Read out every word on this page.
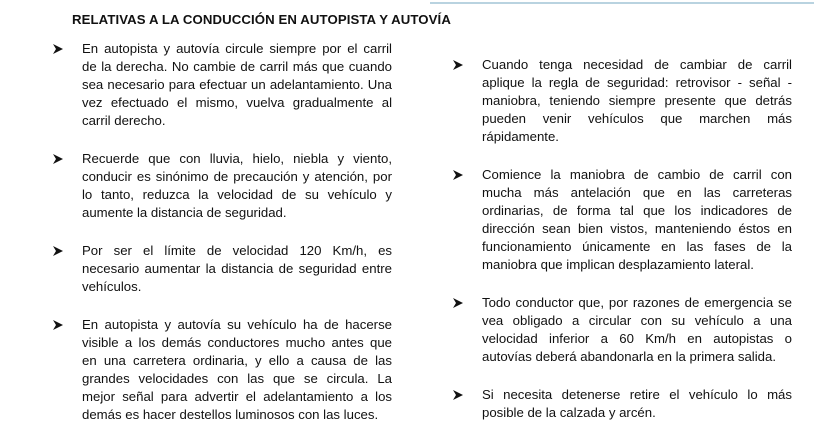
RELATIVAS A LA CONDUCCIÓN EN AUTOPISTA Y AUTOVÍA
En autopista y autovía circule siempre por el carril de la derecha. No cambie de carril más que cuando sea necesario para efectuar un adelantamiento. Una vez efectuado el mismo, vuelva gradualmente al carril derecho.
Recuerde que con lluvia, hielo, niebla y viento, conducir es sinónimo de precaución y atención, por lo tanto, reduzca la velocidad de su vehículo y aumente la distancia de seguridad.
Por ser el límite de velocidad 120 Km/h, es necesario aumentar la distancia de seguridad entre vehículos.
En autopista y autovía su vehículo ha de hacerse visible a los demás conductores mucho antes que en una carretera ordinaria, y ello a causa de las grandes velocidades con las que se circula. La mejor señal para advertir el adelantamiento a los demás es hacer destellos luminosos con las luces.
Cuando tenga necesidad de cambiar de carril aplique la regla de seguridad: retrovisor - señal - maniobra, teniendo siempre presente que detrás pueden venir vehículos que marchen más rápidamente.
Comience la maniobra de cambio de carril con mucha más antelación que en las carreteras ordinarias, de forma tal que los indicadores de dirección sean bien vistos, manteniendo éstos en funcionamiento únicamente en las fases de la maniobra que implican desplazamiento lateral.
Todo conductor que, por razones de emergencia se vea obligado a circular con su vehículo a una velocidad inferior a 60 Km/h en autopistas o autovías deberá abandonarla en la primera salida.
Si necesita detenerse retire el vehículo lo más posible de la calzada y arcén.
